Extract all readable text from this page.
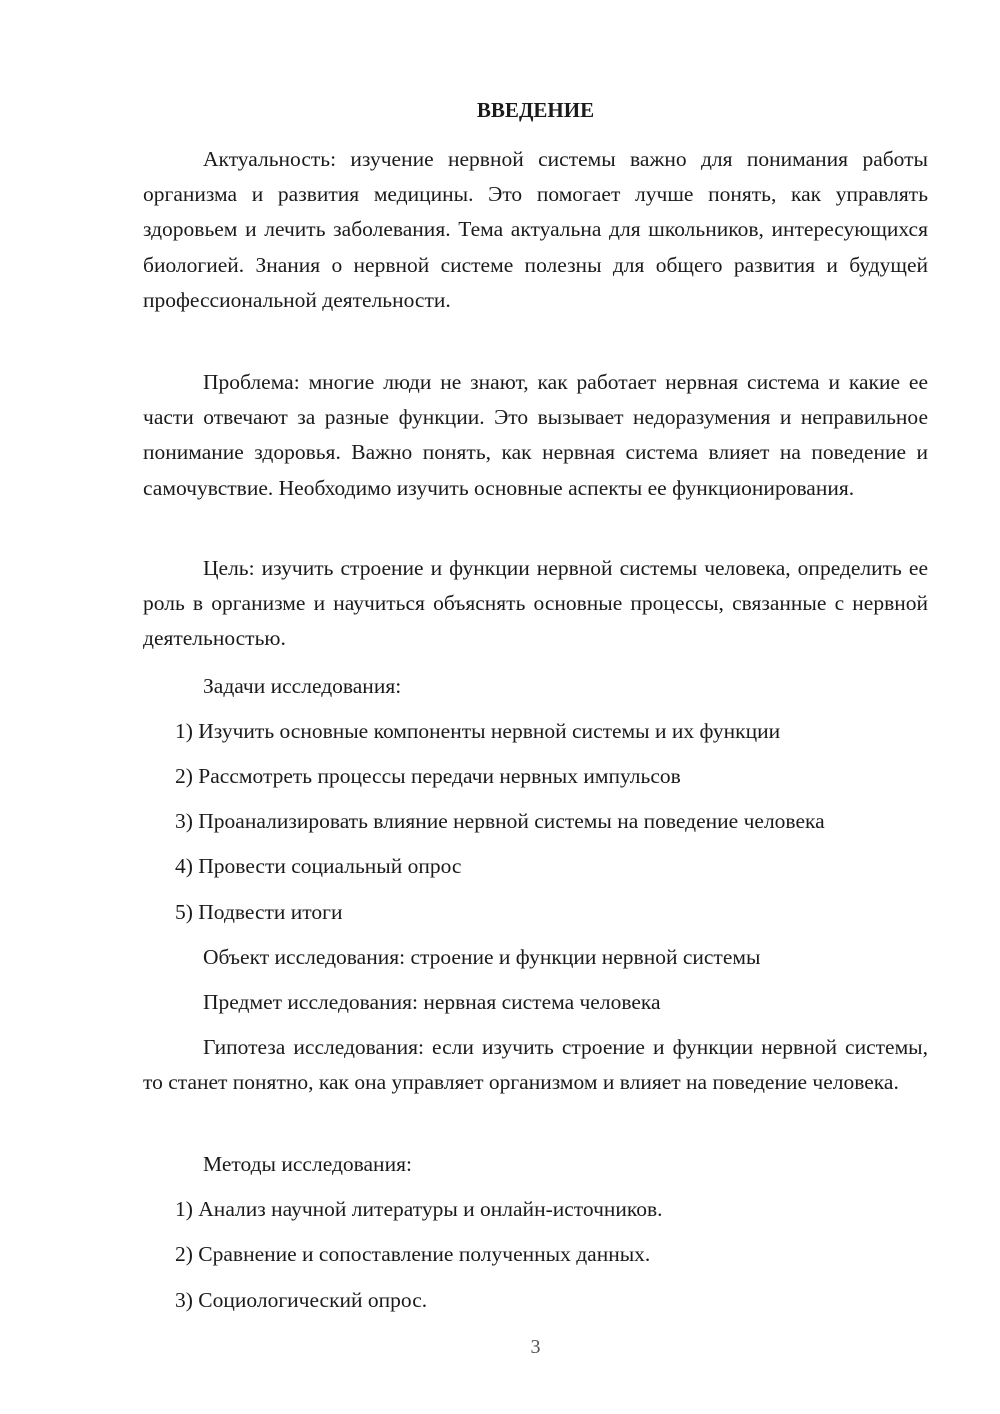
ВВЕДЕНИЕ

Актуальность: изучение нервной системы важно для понимания работы организма и развития медицины. Это помогает лучше понять, как управлять здоровьем и лечить заболевания. Тема актуальна для школьников, интересующихся биологией. Знания о нервной системе полезны для общего развития и будущей профессиональной деятельности.

Проблема: многие люди не знают, как работает нервная система и какие ее части отвечают за разные функции. Это вызывает недоразумения и неправильное понимание здоровья. Важно понять, как нервная система влияет на поведение и самочувствие. Необходимо изучить основные аспекты ее функционирования.

Цель: изучить строение и функции нервной системы человека, определить ее роль в организме и научиться объяснять основные процессы, связанные с нервной деятельностью.

Задачи исследования:

1) Изучить основные компоненты нервной системы и их функции

2) Рассмотреть процессы передачи нервных импульсов

3) Проанализировать влияние нервной системы на поведение человека

4) Провести социальный опрос

5) Подвести итоги

Объект исследования: строение и функции нервной системы

Предмет исследования: нервная система человека

Гипотеза исследования: если изучить строение и функции нервной системы, то станет понятно, как она управляет организмом и влияет на поведение человека.

Методы исследования:

1) Анализ научной литературы и онлайн-источников.

2) Сравнение и сопоставление полученных данных.

3) Социологический опрос.

3
